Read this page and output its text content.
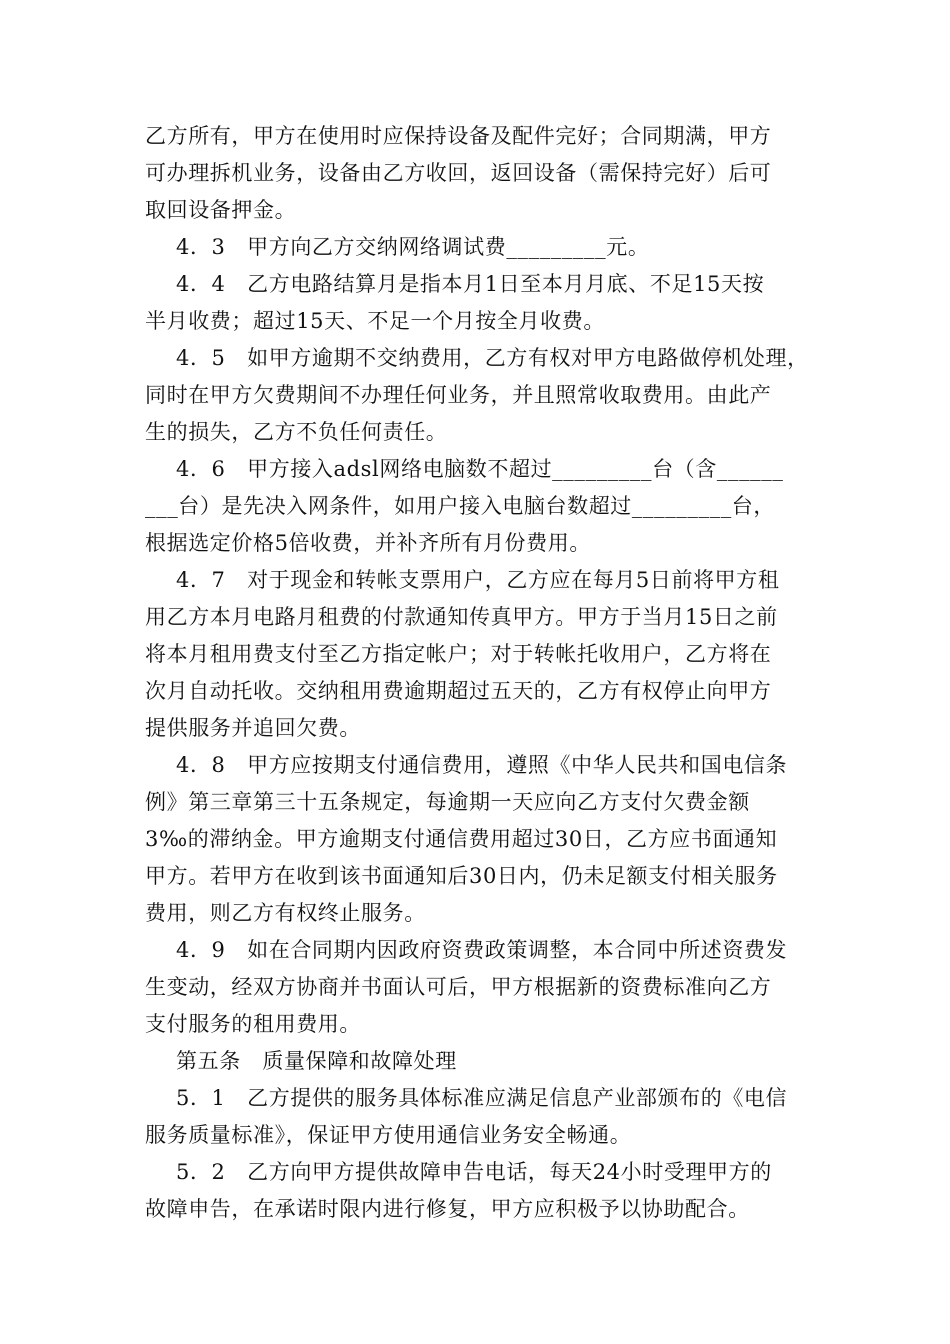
乙方所有，甲方在使用时应保持设备及配件完好；合同期满，甲方
可办理拆机业务，设备由乙方收回，返回设备（需保持完好）后可
取回设备押金。
4．3　甲方向乙方交纳网络调试费_________元。
4．4　乙方电路结算月是指本月1日至本月月底、不足15天按
半月收费；超过15天、不足一个月按全月收费。
4．5　如甲方逾期不交纳费用，乙方有权对甲方电路做停机处理，
同时在甲方欠费期间不办理任何业务，并且照常收取费用。由此产
生的损失，乙方不负任何责任。
4．6　甲方接入adsl网络电脑数不超过_________台（含______
___台）是先决入网条件，如用户接入电脑台数超过_________台，
根据选定价格5倍收费，并补齐所有月份费用。
4．7　对于现金和转帐支票用户，乙方应在每月5日前将甲方租
用乙方本月电路月租费的付款通知传真甲方。甲方于当月15日之前
将本月租用费支付至乙方指定帐户；对于转帐托收用户，乙方将在
次月自动托收。交纳租用费逾期超过五天的，乙方有权停止向甲方
提供服务并追回欠费。
4．8　甲方应按期支付通信费用，遵照《中华人民共和国电信条
例》第三章第三十五条规定，每逾期一天应向乙方支付欠费金额
3‰的滞纳金。甲方逾期支付通信费用超过30日，乙方应书面通知
甲方。若甲方在收到该书面通知后30日内，仍未足额支付相关服务
费用，则乙方有权终止服务。
4．9　如在合同期内因政府资费政策调整，本合同中所述资费发
生变动，经双方协商并书面认可后，甲方根据新的资费标准向乙方
支付服务的租用费用。
第五条　质量保障和故障处理
5．1　乙方提供的服务具体标准应满足信息产业部颁布的《电信
服务质量标准》，保证甲方使用通信业务安全畅通。
5．2　乙方向甲方提供故障申告电话，每天24小时受理甲方的
故障申告，在承诺时限内进行修复，甲方应积极予以协助配合。
